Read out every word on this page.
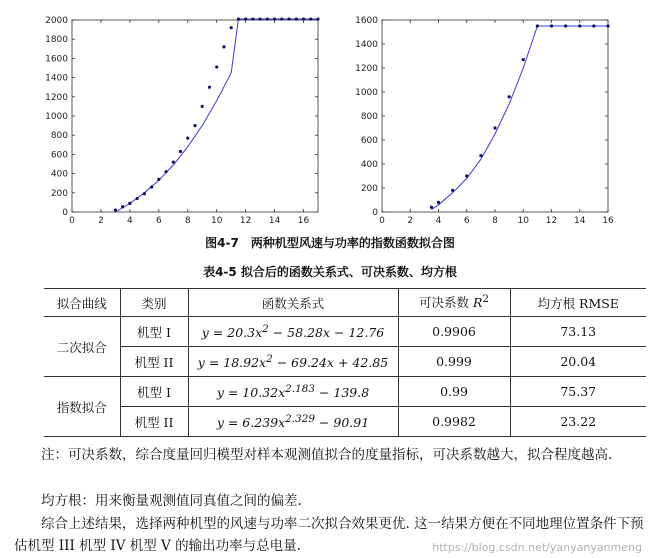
0	2	4	6	8 10 12 14 16
0
200
400
600
800
1000
1200
1400
1600
1800
2000
0	2	4	6	8 10 12 14 16
0
200
400
600
800
1000
1200
1400
1600
图4-7　两种机型风速与功率的指数函数拟合图
表4-5 拟合后的函数关系式、可决系数、均方根
拟合曲线	类别	函数关系式	可决系数 $R^2$	均方根 RMSE
二次拟合	机型 I	$y = 20.3x^2 - 58.28x - 12.76$	0.9906	73.13
	机型 II	$y = 18.92x^2 - 69.24x + 42.85$	0.999	20.04
指数拟合	机型 I	$y = 10.32x^{2.183} - 139.8$	0.99	75.37
	机型 II	$y = 6.239x^{2.329} - 90.91$	0.9982	23.22

注：可决系数，综合度量回归模型对样本观测值拟合的度量指标，可决系数越大，拟合程度越高.

均方根：用来衡量观测值同真值之间的偏差.

综合上述结果，选择两种机型的风速与功率二次拟合效果更优. 这一结果方便在不同地理位置条件下预估机型 III 机型 IV 机型 V 的输出功率与总电量.	https://blog.csdn.net/yanyanyanmeng
